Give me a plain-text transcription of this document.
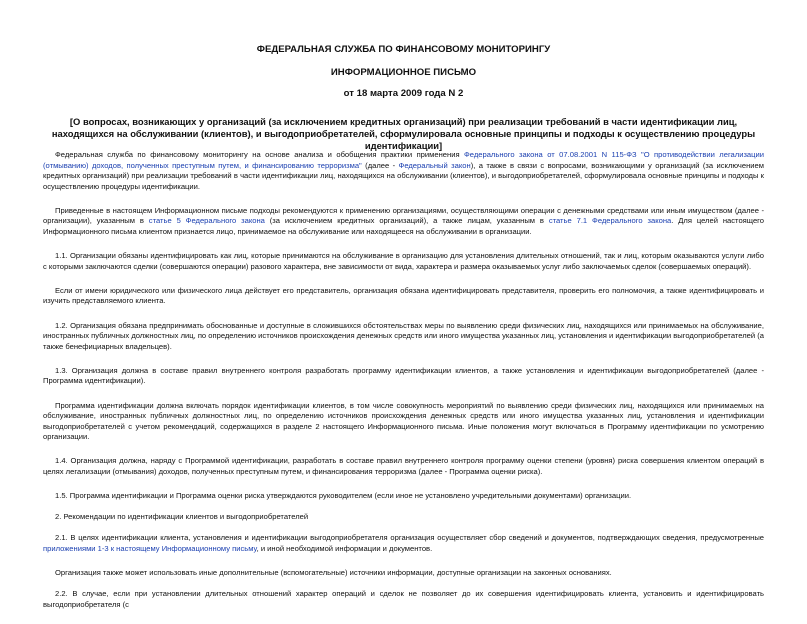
ФЕДЕРАЛЬНАЯ СЛУЖБА ПО ФИНАНСОВОМУ МОНИТОРИНГУ

ИНФОРМАЦИОННОЕ ПИСЬМО

от 18 марта 2009 года N 2

[О вопросах, возникающих у организаций (за исключением кредитных организаций) при реализации требований в части идентификации лиц, находящихся на обслуживании (клиентов), и выгодоприобретателей, сформулировала основные принципы и подходы к осуществлению процедуры идентификации]

Федеральная служба по финансовому мониторингу на основе анализа и обобщения практики применения Федерального закона от 07.08.2001 N 115-ФЗ "О противодействии легализации (отмыванию) доходов, полученных преступным путем, и финансированию терроризма" (далее - Федеральный закон), а также в связи с вопросами, возникающими у организаций (за исключением кредитных организаций) при реализации требований в части идентификации лиц, находящихся на обслуживании (клиентов), и выгодоприобретателей, сформулировала основные принципы и подходы к осуществлению процедуры идентификации.

Приведенные в настоящем Информационном письме подходы рекомендуются к применению организациями, осуществляющими операции с денежными средствами или иным имуществом (далее - организации), указанным в статье 5 Федерального закона (за исключением кредитных организаций), а также лицам, указанным в статье 7.1 Федерального закона. Для целей настоящего Информационного письма клиентом признается лицо, принимаемое на обслуживание или находящееся на обслуживании в организации.

1.1. Организации обязаны идентифицировать как лиц, которые принимаются на обслуживание в организацию для установления длительных отношений, так и лиц, которым оказываются услуги либо с которыми заключаются сделки (совершаются операции) разового характера, вне зависимости от вида, характера и размера оказываемых услуг либо заключаемых сделок (совершаемых операций).

Если от имени юридического или физического лица действует его представитель, организация обязана идентифицировать представителя, проверить его полномочия, а также идентифицировать и изучить представляемого клиента.

1.2. Организация обязана предпринимать обоснованные и доступные в сложившихся обстоятельствах меры по выявлению среди физических лиц, находящихся или принимаемых на обслуживание, иностранных публичных должностных лиц, по определению источников происхождения денежных средств или иного имущества указанных лиц, установления и идентификации выгодоприобретателей (а также бенефициарных владельцев).

1.3. Организация должна в составе правил внутреннего контроля разработать программу идентификации клиентов, а также установления и идентификации выгодоприобретателей (далее - Программа идентификации).

Программа идентификации должна включать порядок идентификации клиентов, в том числе совокупность мероприятий по выявлению среди физических лиц, находящихся или принимаемых на обслуживание, иностранных публичных должностных лиц, по определению источников происхождения денежных средств или иного имущества указанных лиц, установления и идентификации выгодоприобретателей с учетом рекомендаций, содержащихся в разделе 2 настоящего Информационного письма. Иные положения могут включаться в Программу идентификации по усмотрению организации.

1.4. Организация должна, наряду с Программой идентификации, разработать в составе правил внутреннего контроля программу оценки степени (уровня) риска совершения клиентом операций в целях легализации (отмывания) доходов, полученных преступным путем, и финансирования терроризма (далее - Программа оценки риска).

1.5. Программа идентификации и Программа оценки риска утверждаются руководителем (если иное не установлено учредительными документами) организации.

2. Рекомендации по идентификации клиентов и выгодоприобретателей

2.1. В целях идентификации клиента, установления и идентификации выгодоприобретателя организация осуществляет сбор сведений и документов, подтверждающих сведения, предусмотренные приложениями 1-3 к настоящему Информационному письму, и иной необходимой информации и документов.

Организация также может использовать иные дополнительные (вспомогательные) источники информации, доступные организации на законных основаниях.

2.2. В случае, если при установлении длительных отношений характер операций и сделок не позволяет до их совершения идентифицировать клиента, установить и идентифицировать выгодоприобретателя (с
